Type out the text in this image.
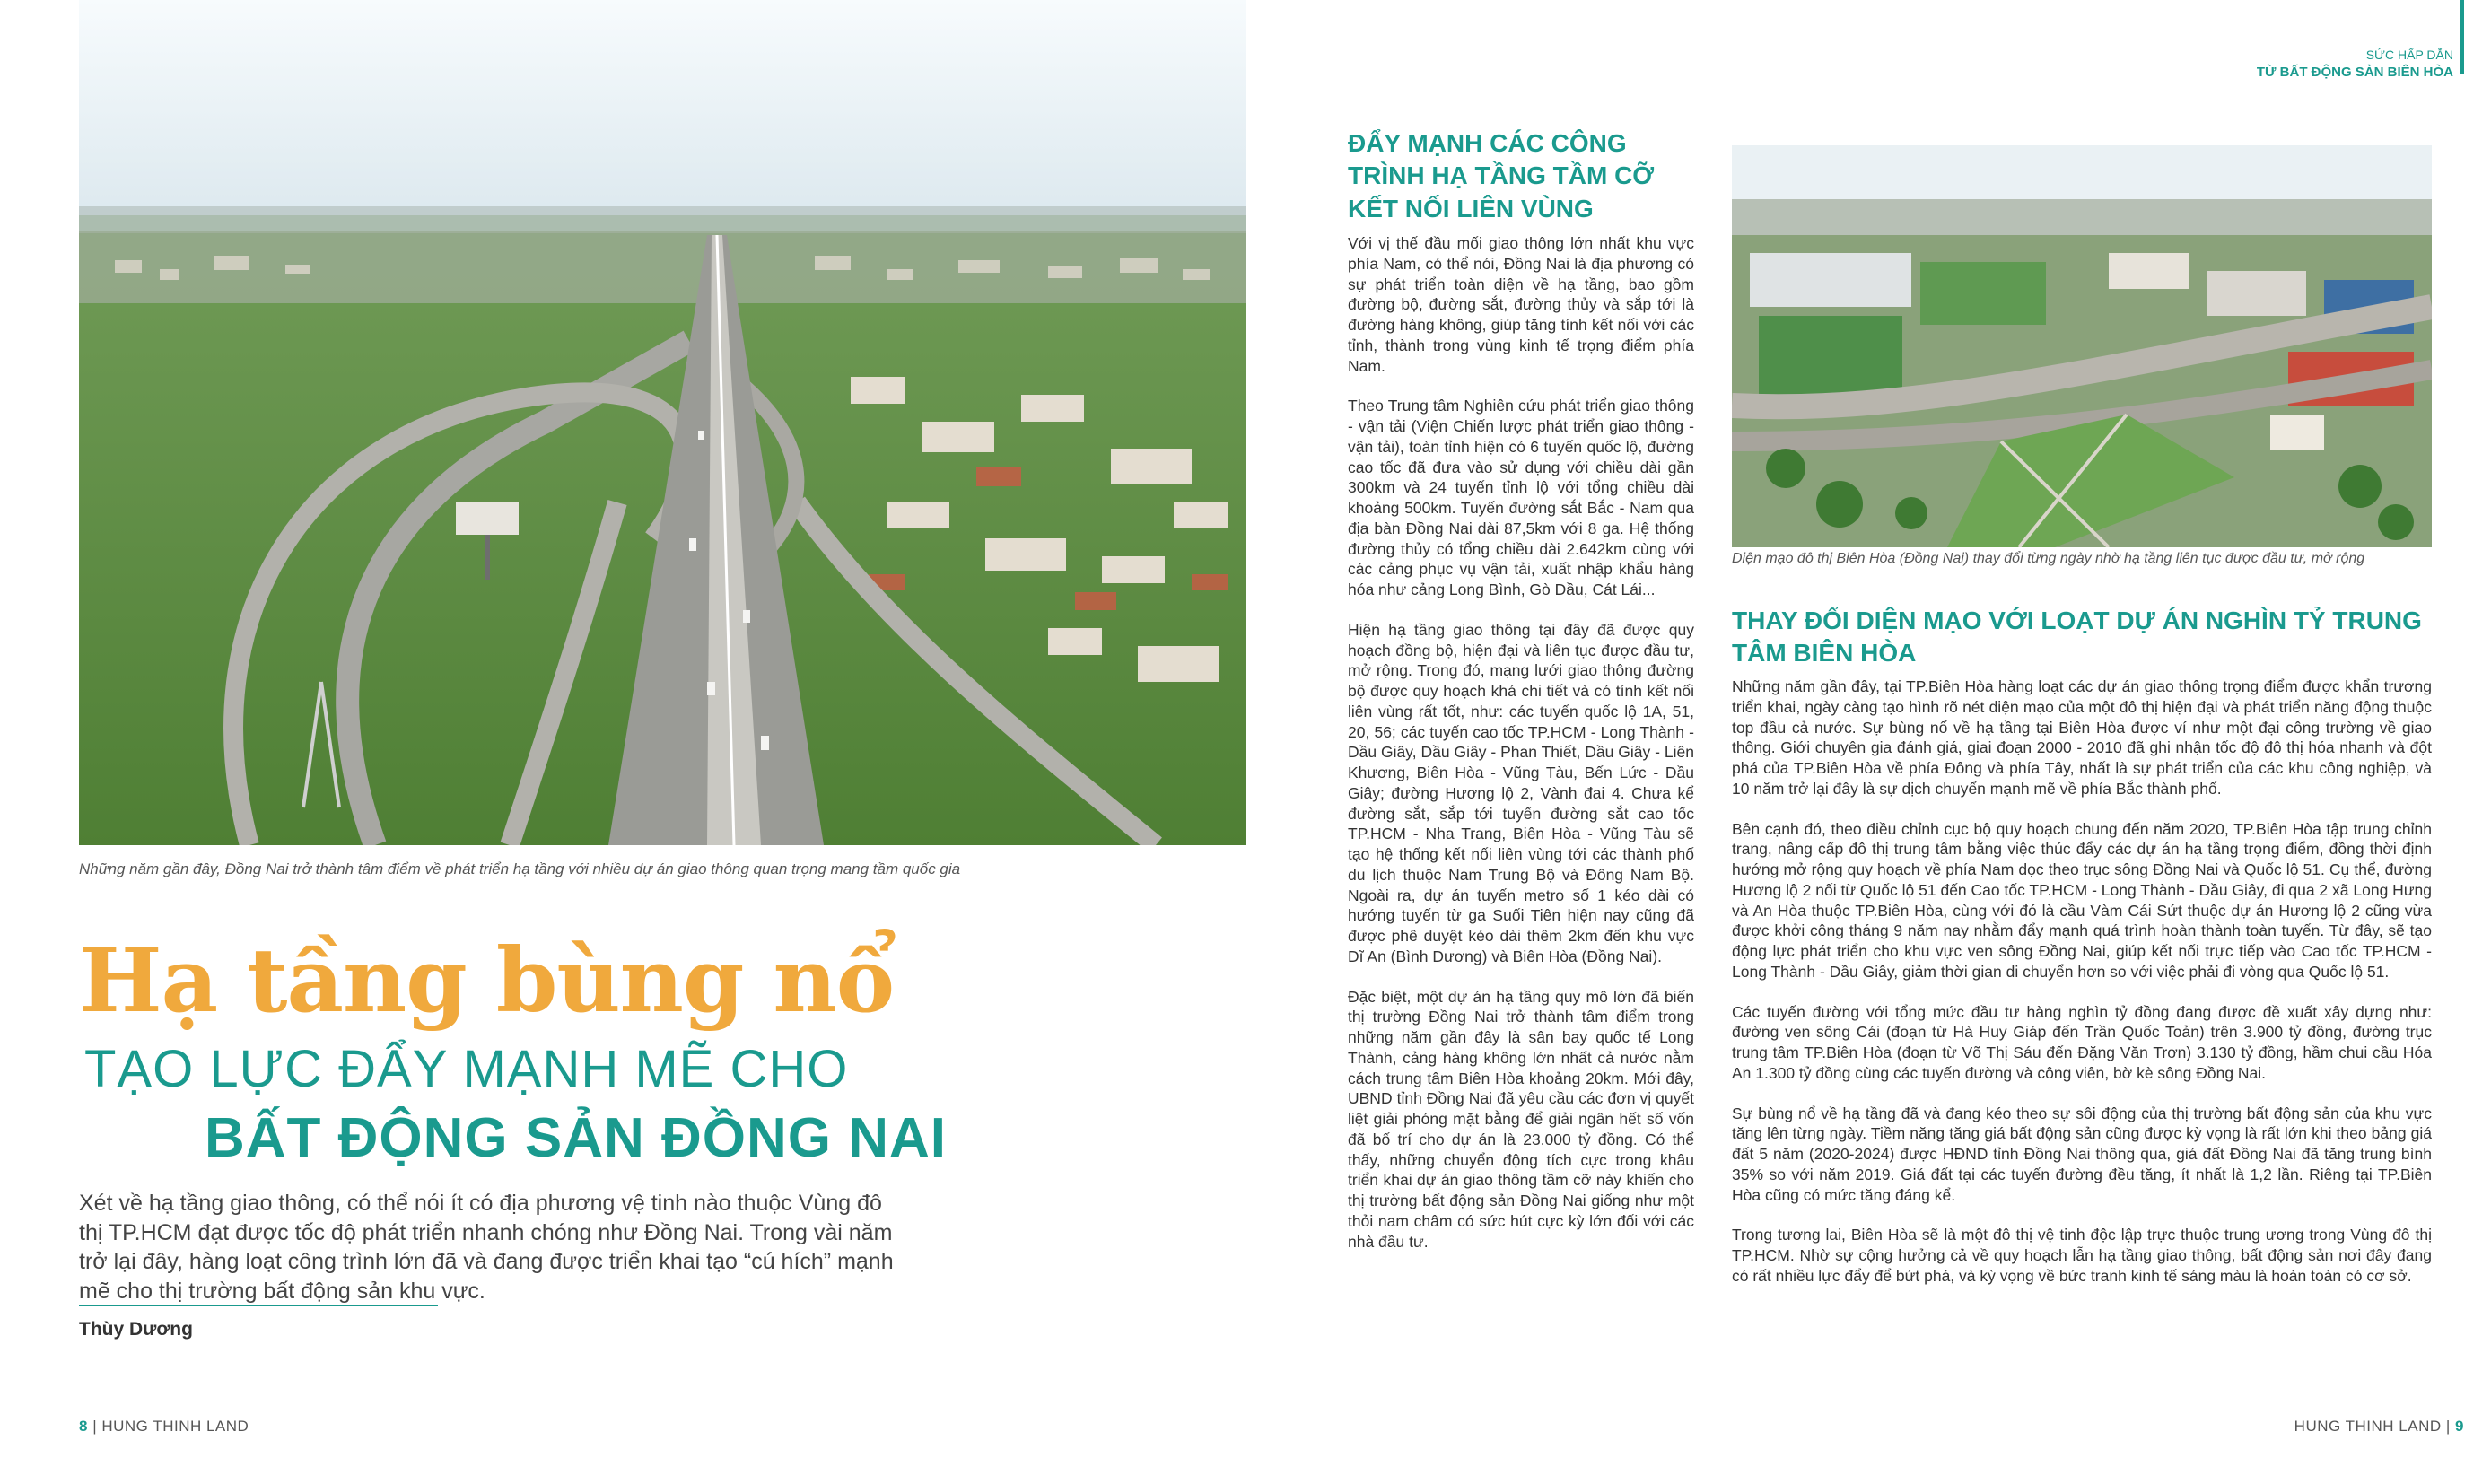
Những năm gần đây, Đồng Nai trở thành tâm điểm về phát triển hạ tầng với nhiều dự án giao thông quan trọng mang tầm quốc gia
Hạ tầng bùng nổ
TẠO LỰC ĐẨY MẠNH MẼ CHO
BẤT ĐỘNG SẢN ĐỒNG NAI
Xét về hạ tầng giao thông, có thể nói ít có địa phương vệ tinh nào thuộc Vùng đô thị TP.HCM đạt được tốc độ phát triển nhanh chóng như Đồng Nai. Trong vài năm trở lại đây, hàng loạt công trình lớn đã và đang được triển khai tạo “cú hích” mạnh mẽ cho thị trường bất động sản khu vực.
Thùy Dương
8 | HUNG THINH LAND
SỨC HẤP DẪN
TỪ BẤT ĐỘNG SẢN BIÊN HÒA
ĐẨY MẠNH CÁC CÔNG TRÌNH HẠ TẦNG TẦM CỠ KẾT NỐI LIÊN VÙNG

Với vị thế đầu mối giao thông lớn nhất khu vực phía Nam, có thể nói, Đồng Nai là địa phương có sự phát triển toàn diện về hạ tầng, bao gồm đường bộ, đường sắt, đường thủy và sắp tới là đường hàng không, giúp tăng tính kết nối với các tỉnh, thành trong vùng kinh tế trọng điểm phía Nam.

Theo Trung tâm Nghiên cứu phát triển giao thông - vận tải (Viện Chiến lược phát triển giao thông - vận tải), toàn tỉnh hiện có 6 tuyến quốc lộ, đường cao tốc đã đưa vào sử dụng với chiều dài gần 300km và 24 tuyến tỉnh lộ với tổng chiều dài khoảng 500km. Tuyến đường sắt Bắc - Nam qua địa bàn Đồng Nai dài 87,5km với 8 ga. Hệ thống đường thủy có tổng chiều dài 2.642km cùng với các cảng phục vụ vận tải, xuất nhập khẩu hàng hóa như cảng Long Bình, Gò Dầu, Cát Lái...

Hiện hạ tầng giao thông tại đây đã được quy hoạch đồng bộ, hiện đại và liên tục được đầu tư, mở rộng. Trong đó, mạng lưới giao thông đường bộ được quy hoạch khá chi tiết và có tính kết nối liên vùng rất tốt, như: các tuyến quốc lộ 1A, 51, 20, 56; các tuyến cao tốc TP.HCM - Long Thành - Dầu Giây, Dầu Giây - Phan Thiết, Dầu Giây - Liên Khương, Biên Hòa - Vũng Tàu, Bến Lức - Dầu Giây; đường Hương lộ 2, Vành đai 4. Chưa kể đường sắt, sắp tới tuyến đường sắt cao tốc TP.HCM - Nha Trang, Biên Hòa - Vũng Tàu sẽ tạo hệ thống kết nối liên vùng tới các thành phố du lịch thuộc Nam Trung Bộ và Đông Nam Bộ. Ngoài ra, dự án tuyến metro số 1 kéo dài có hướng tuyến từ ga Suối Tiên hiện nay cũng đã được phê duyệt kéo dài thêm 2km đến khu vực Dĩ An (Bình Dương) và Biên Hòa (Đồng Nai).

Đặc biệt, một dự án hạ tầng quy mô lớn đã biến thị trường Đồng Nai trở thành tâm điểm trong những năm gần đây là sân bay quốc tế Long Thành, cảng hàng không lớn nhất cả nước nằm cách trung tâm Biên Hòa khoảng 20km. Mới đây, UBND tỉnh Đồng Nai đã yêu cầu các đơn vị quyết liệt giải phóng mặt bằng để giải ngân hết số vốn đã bố trí cho dự án là 23.000 tỷ đồng. Có thể thấy, những chuyển động tích cực trong khâu triển khai dự án giao thông tầm cỡ này khiến cho thị trường bất động sản Đồng Nai giống như một thỏi nam châm có sức hút cực kỳ lớn đối với các nhà đầu tư.

Diện mạo đô thị Biên Hòa (Đồng Nai) thay đổi từng ngày nhờ hạ tầng liên tục được đầu tư, mở rộng
THAY ĐỔI DIỆN MẠO VỚI LOẠT DỰ ÁN NGHÌN TỶ TRUNG TÂM BIÊN HÒA

Những năm gần đây, tại TP.Biên Hòa hàng loạt các dự án giao thông trọng điểm được khẩn trương triển khai, ngày càng tạo hình rõ nét diện mạo của một đô thị hiện đại và phát triển năng động thuộc top đầu cả nước. Sự bùng nổ về hạ tầng tại Biên Hòa được ví như một đại công trường về giao thông. Giới chuyên gia đánh giá, giai đoạn 2000 - 2010 đã ghi nhận tốc độ đô thị hóa nhanh và đột phá của TP.Biên Hòa về phía Đông và phía Tây, nhất là sự phát triển của các khu công nghiệp, và 10 năm trở lại đây là sự dịch chuyển mạnh mẽ về phía Bắc thành phố.

Bên cạnh đó, theo điều chỉnh cục bộ quy hoạch chung đến năm 2020, TP.Biên Hòa tập trung chỉnh trang, nâng cấp đô thị trung tâm bằng việc thúc đẩy các dự án hạ tầng trọng điểm, đồng thời định hướng mở rộng quy hoạch về phía Nam dọc theo trục sông Đồng Nai và Quốc lộ 51. Cụ thể, đường Hương lộ 2 nối từ Quốc lộ 51 đến Cao tốc TP.HCM - Long Thành - Dầu Giây, đi qua 2 xã Long Hưng và An Hòa thuộc TP.Biên Hòa, cùng với đó là cầu Vàm Cái Sứt thuộc dự án Hương lộ 2 cũng vừa được khởi công tháng 9 năm nay nhằm đẩy mạnh quá trình hoàn thành toàn tuyến. Từ đây, sẽ tạo động lực phát triển cho khu vực ven sông Đồng Nai, giúp kết nối trực tiếp vào Cao tốc TP.HCM - Long Thành - Dầu Giây, giảm thời gian di chuyển hơn so với việc phải đi vòng qua Quốc lộ 51.

Các tuyến đường với tổng mức đầu tư hàng nghìn tỷ đồng đang được đề xuất xây dựng như: đường ven sông Cái (đoạn từ Hà Huy Giáp đến Trần Quốc Toản) trên 3.900 tỷ đồng, đường trục trung tâm TP.Biên Hòa (đoạn từ Võ Thị Sáu đến Đặng Văn Trơn) 3.130 tỷ đồng, hầm chui cầu Hóa An 1.300 tỷ đồng cùng các tuyến đường và công viên, bờ kè sông Đồng Nai.

Sự bùng nổ về hạ tầng đã và đang kéo theo sự sôi động của thị trường bất động sản của khu vực tăng lên từng ngày. Tiềm năng tăng giá bất động sản cũng được kỳ vọng là rất lớn khi theo bảng giá đất 5 năm (2020-2024) được HĐND tỉnh Đồng Nai thông qua, giá đất Đồng Nai đã tăng trung bình 35% so với năm 2019. Giá đất tại các tuyến đường đều tăng, ít nhất là 1,2 lần. Riêng tại TP.Biên Hòa cũng có mức tăng đáng kể.

Trong tương lai, Biên Hòa sẽ là một đô thị vệ tinh độc lập trực thuộc trung ương trong Vùng đô thị TP.HCM. Nhờ sự cộng hưởng cả về quy hoạch lẫn hạ tầng giao thông, bất động sản nơi đây đang có rất nhiều lực đẩy để bứt phá, và kỳ vọng về bức tranh kinh tế sáng màu là hoàn toàn có cơ sở.

HUNG THINH LAND | 9
